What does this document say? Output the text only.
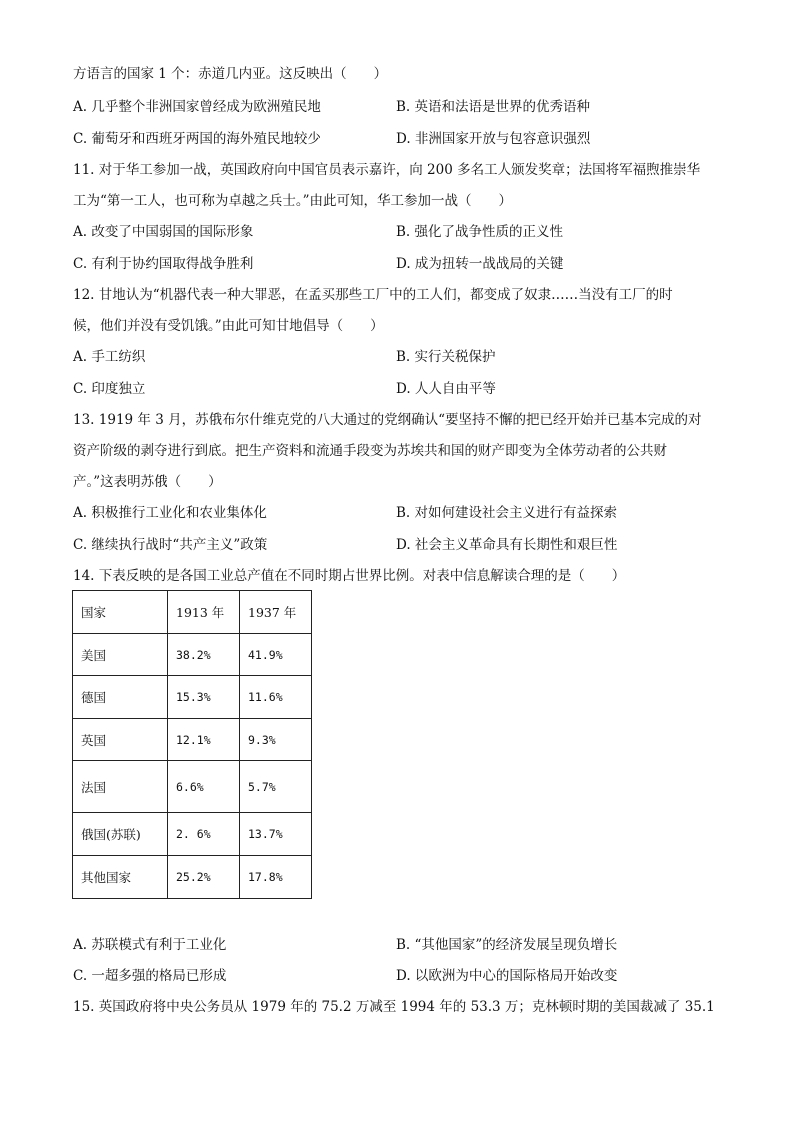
方语言的国家 1 个：赤道几内亚。这反映出（　　）
A. 几乎整个非洲国家曾经成为欧洲殖民地	B. 英语和法语是世界的优秀语种
C. 葡萄牙和西班牙两国的海外殖民地较少	D. 非洲国家开放与包容意识强烈
11. 对于华工参加一战，英国政府向中国官员表示嘉许，向 200 多名工人颁发奖章；法国将军福煦推崇华
工为“第一工人，也可称为卓越之兵士。”由此可知，华工参加一战（　　）
A. 改变了中国弱国的国际形象	B. 强化了战争性质的正义性
C. 有利于协约国取得战争胜利	D. 成为扭转一战战局的关键
12. 甘地认为“机器代表一种大罪恶，在孟买那些工厂中的工人们，都变成了奴隶……当没有工厂的时
候，他们并没有受饥饿。”由此可知甘地倡导（　　）
A. 手工纺织	B. 实行关税保护
C. 印度独立	D. 人人自由平等
13. 1919 年 3 月，苏俄布尔什维克党的八大通过的党纲确认“要坚持不懈的把已经开始并已基本完成的对
资产阶级的剥夺进行到底。把生产资料和流通手段变为苏埃共和国的财产即变为全体劳动者的公共财
产。”这表明苏俄（　　）
A. 积极推行工业化和农业集体化	B. 对如何建设社会主义进行有益探索
C. 继续执行战时“共产主义”政策	D. 社会主义革命具有长期性和艰巨性
14. 下表反映的是各国工业总产值在不同时期占世界比例。对表中信息解读合理的是（　　）
国家	1913 年	1937 年
美国	38.2%	41.9%
德国	15.3%	11.6%
英国	12.1%	9.3%
法国	6.6%	5.7%
俄国(苏联)	2. 6%	13.7%
其他国家	25.2%	17.8%
A. 苏联模式有利于工业化	B. “其他国家”的经济发展呈现负增长
C. 一超多强的格局已形成	D. 以欧洲为中心的国际格局开始改变
15. 英国政府将中央公务员从 1979 年的 75.2 万减至 1994 年的 53.3 万；克林顿时期的美国裁减了 35.1
